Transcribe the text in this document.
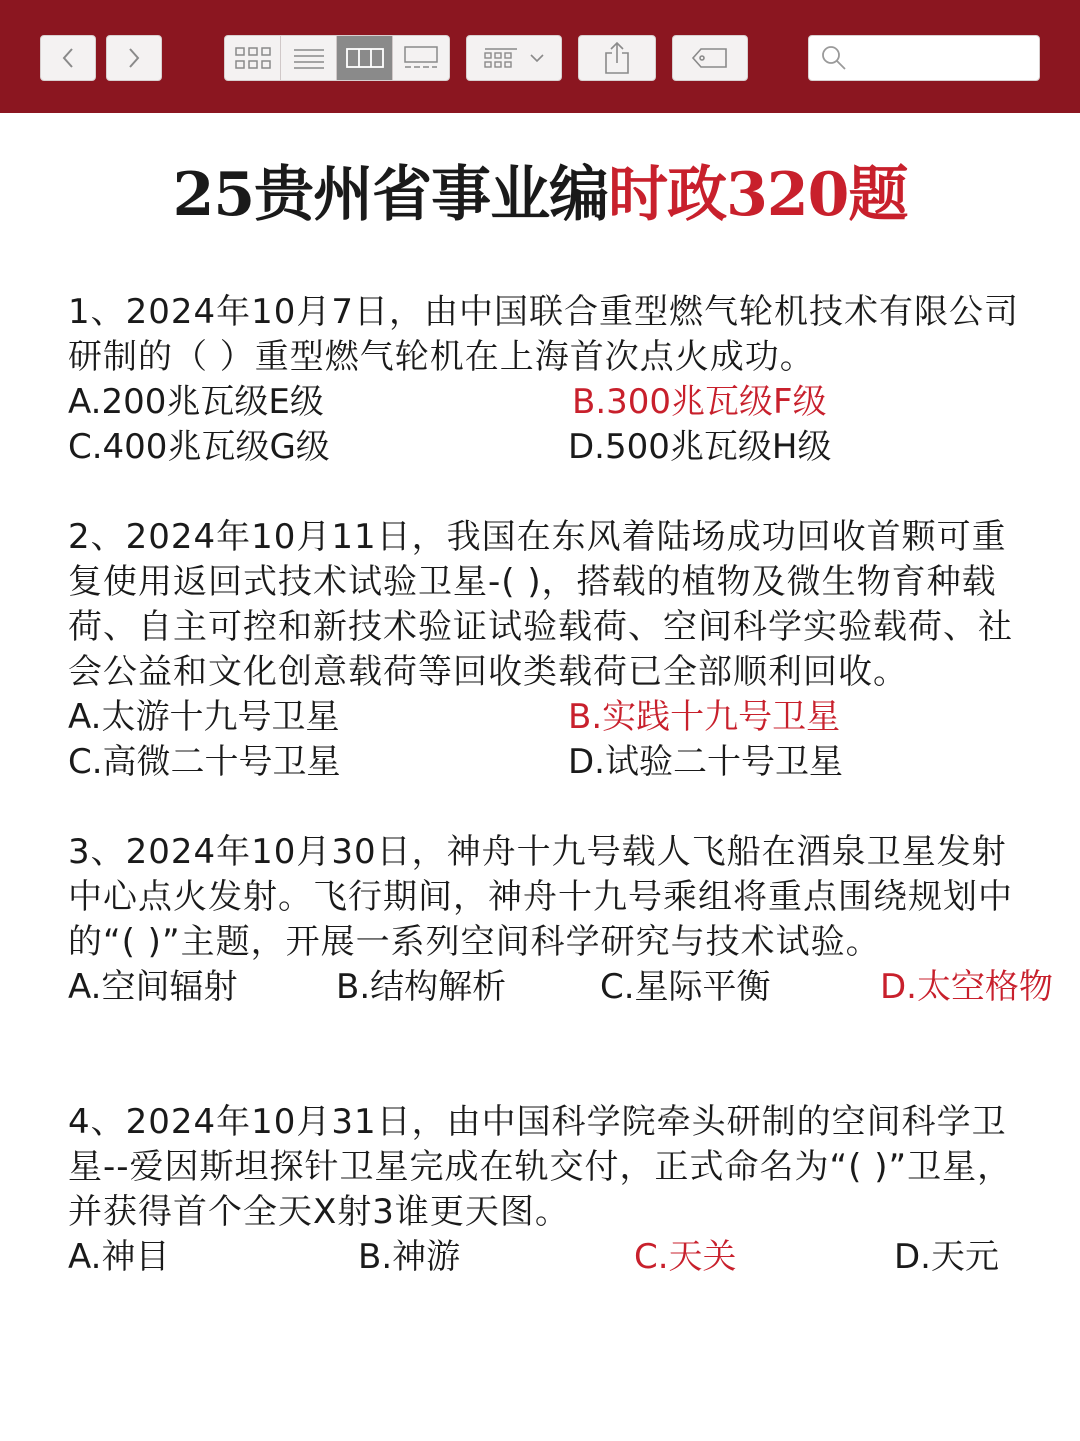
25贵州省事业编时政320题
1、2024年10月7日，由中国联合重型燃气轮机技术有限公司研制的（ ）重型燃气轮机在上海首次点火成功。
A.200兆瓦级E级	B.300兆瓦级F级
C.400兆瓦级G级	D.500兆瓦级H级
2、2024年10月11日，我国在东风着陆场成功回收首颗可重复使用返回式技术试验卫星-( )，搭载的植物及微生物育种载荷、自主可控和新技术验证试验载荷、空间科学实验载荷、社会公益和文化创意载荷等回收类载荷已全部顺利回收。
A.太游十九号卫星	B.实践十九号卫星
C.高微二十号卫星	D.试验二十号卫星
3、2024年10月30日，神舟十九号载人飞船在酒泉卫星发射中心点火发射。飞行期间，神舟十九号乘组将重点围绕规划中的“( )”主题，开展一系列空间科学研究与技术试验。
A.空间辐射	B.结构解析	C.星际平衡	D.太空格物
4、2024年10月31日，由中国科学院牵头研制的空间科学卫星--爱因斯坦探针卫星完成在轨交付，正式命名为“( )”卫星，并获得首个全天X射3谁更天图。
A.神目	B.神游	C.天关	D.天元
